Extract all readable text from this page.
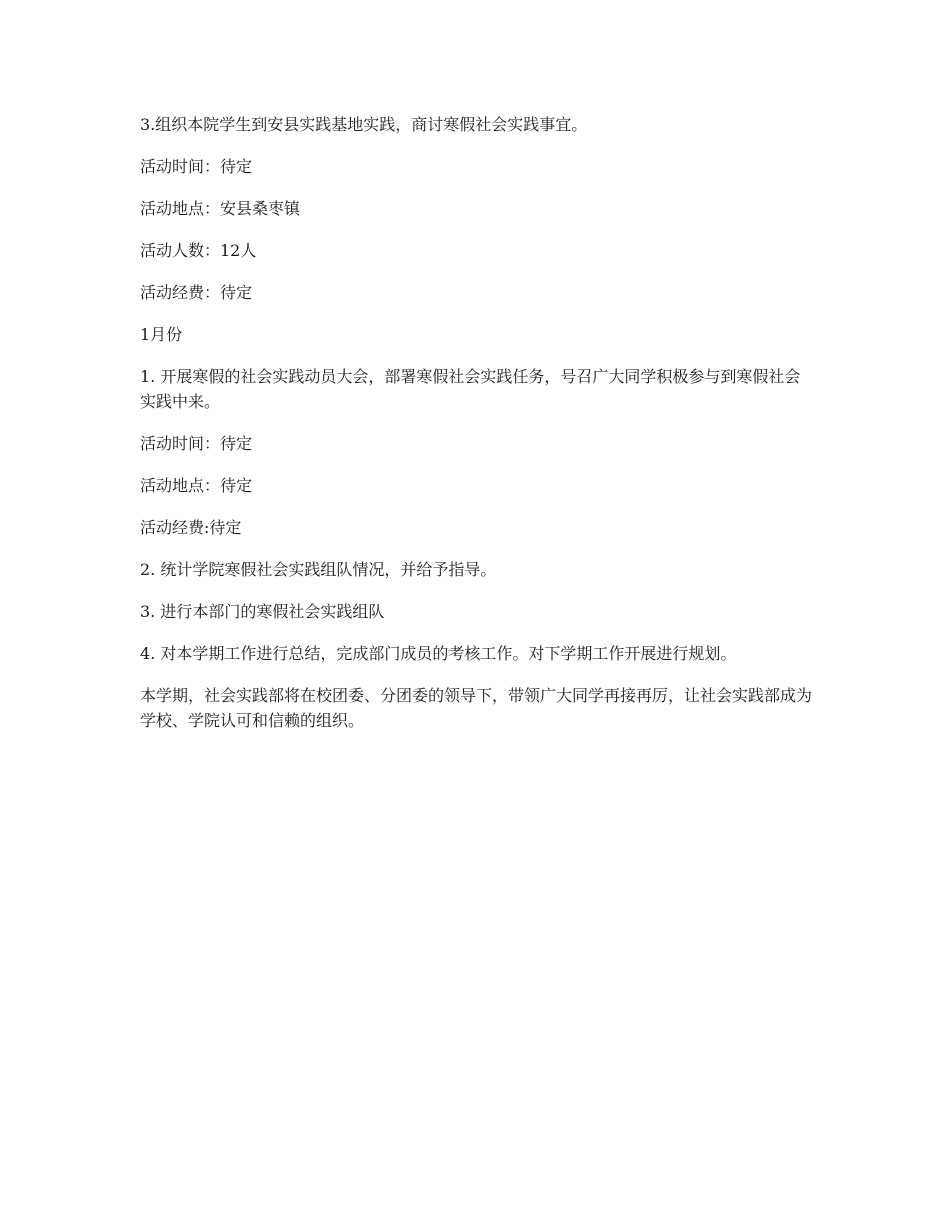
3.组织本院学生到安县实践基地实践，商讨寒假社会实践事宜。

活动时间：待定

活动地点：安县桑枣镇

活动人数：12人

活动经费：待定

1月份

1. 开展寒假的社会实践动员大会，部署寒假社会实践任务，号召广大同学积极参与到寒假社会实践中来。

活动时间：待定

活动地点：待定

活动经费:待定

2. 统计学院寒假社会实践组队情况，并给予指导。

3. 进行本部门的寒假社会实践组队

4. 对本学期工作进行总结，完成部门成员的考核工作。对下学期工作开展进行规划。

本学期，社会实践部将在校团委、分团委的领导下，带领广大同学再接再厉，让社会实践部成为学校、学院认可和信赖的组织。
